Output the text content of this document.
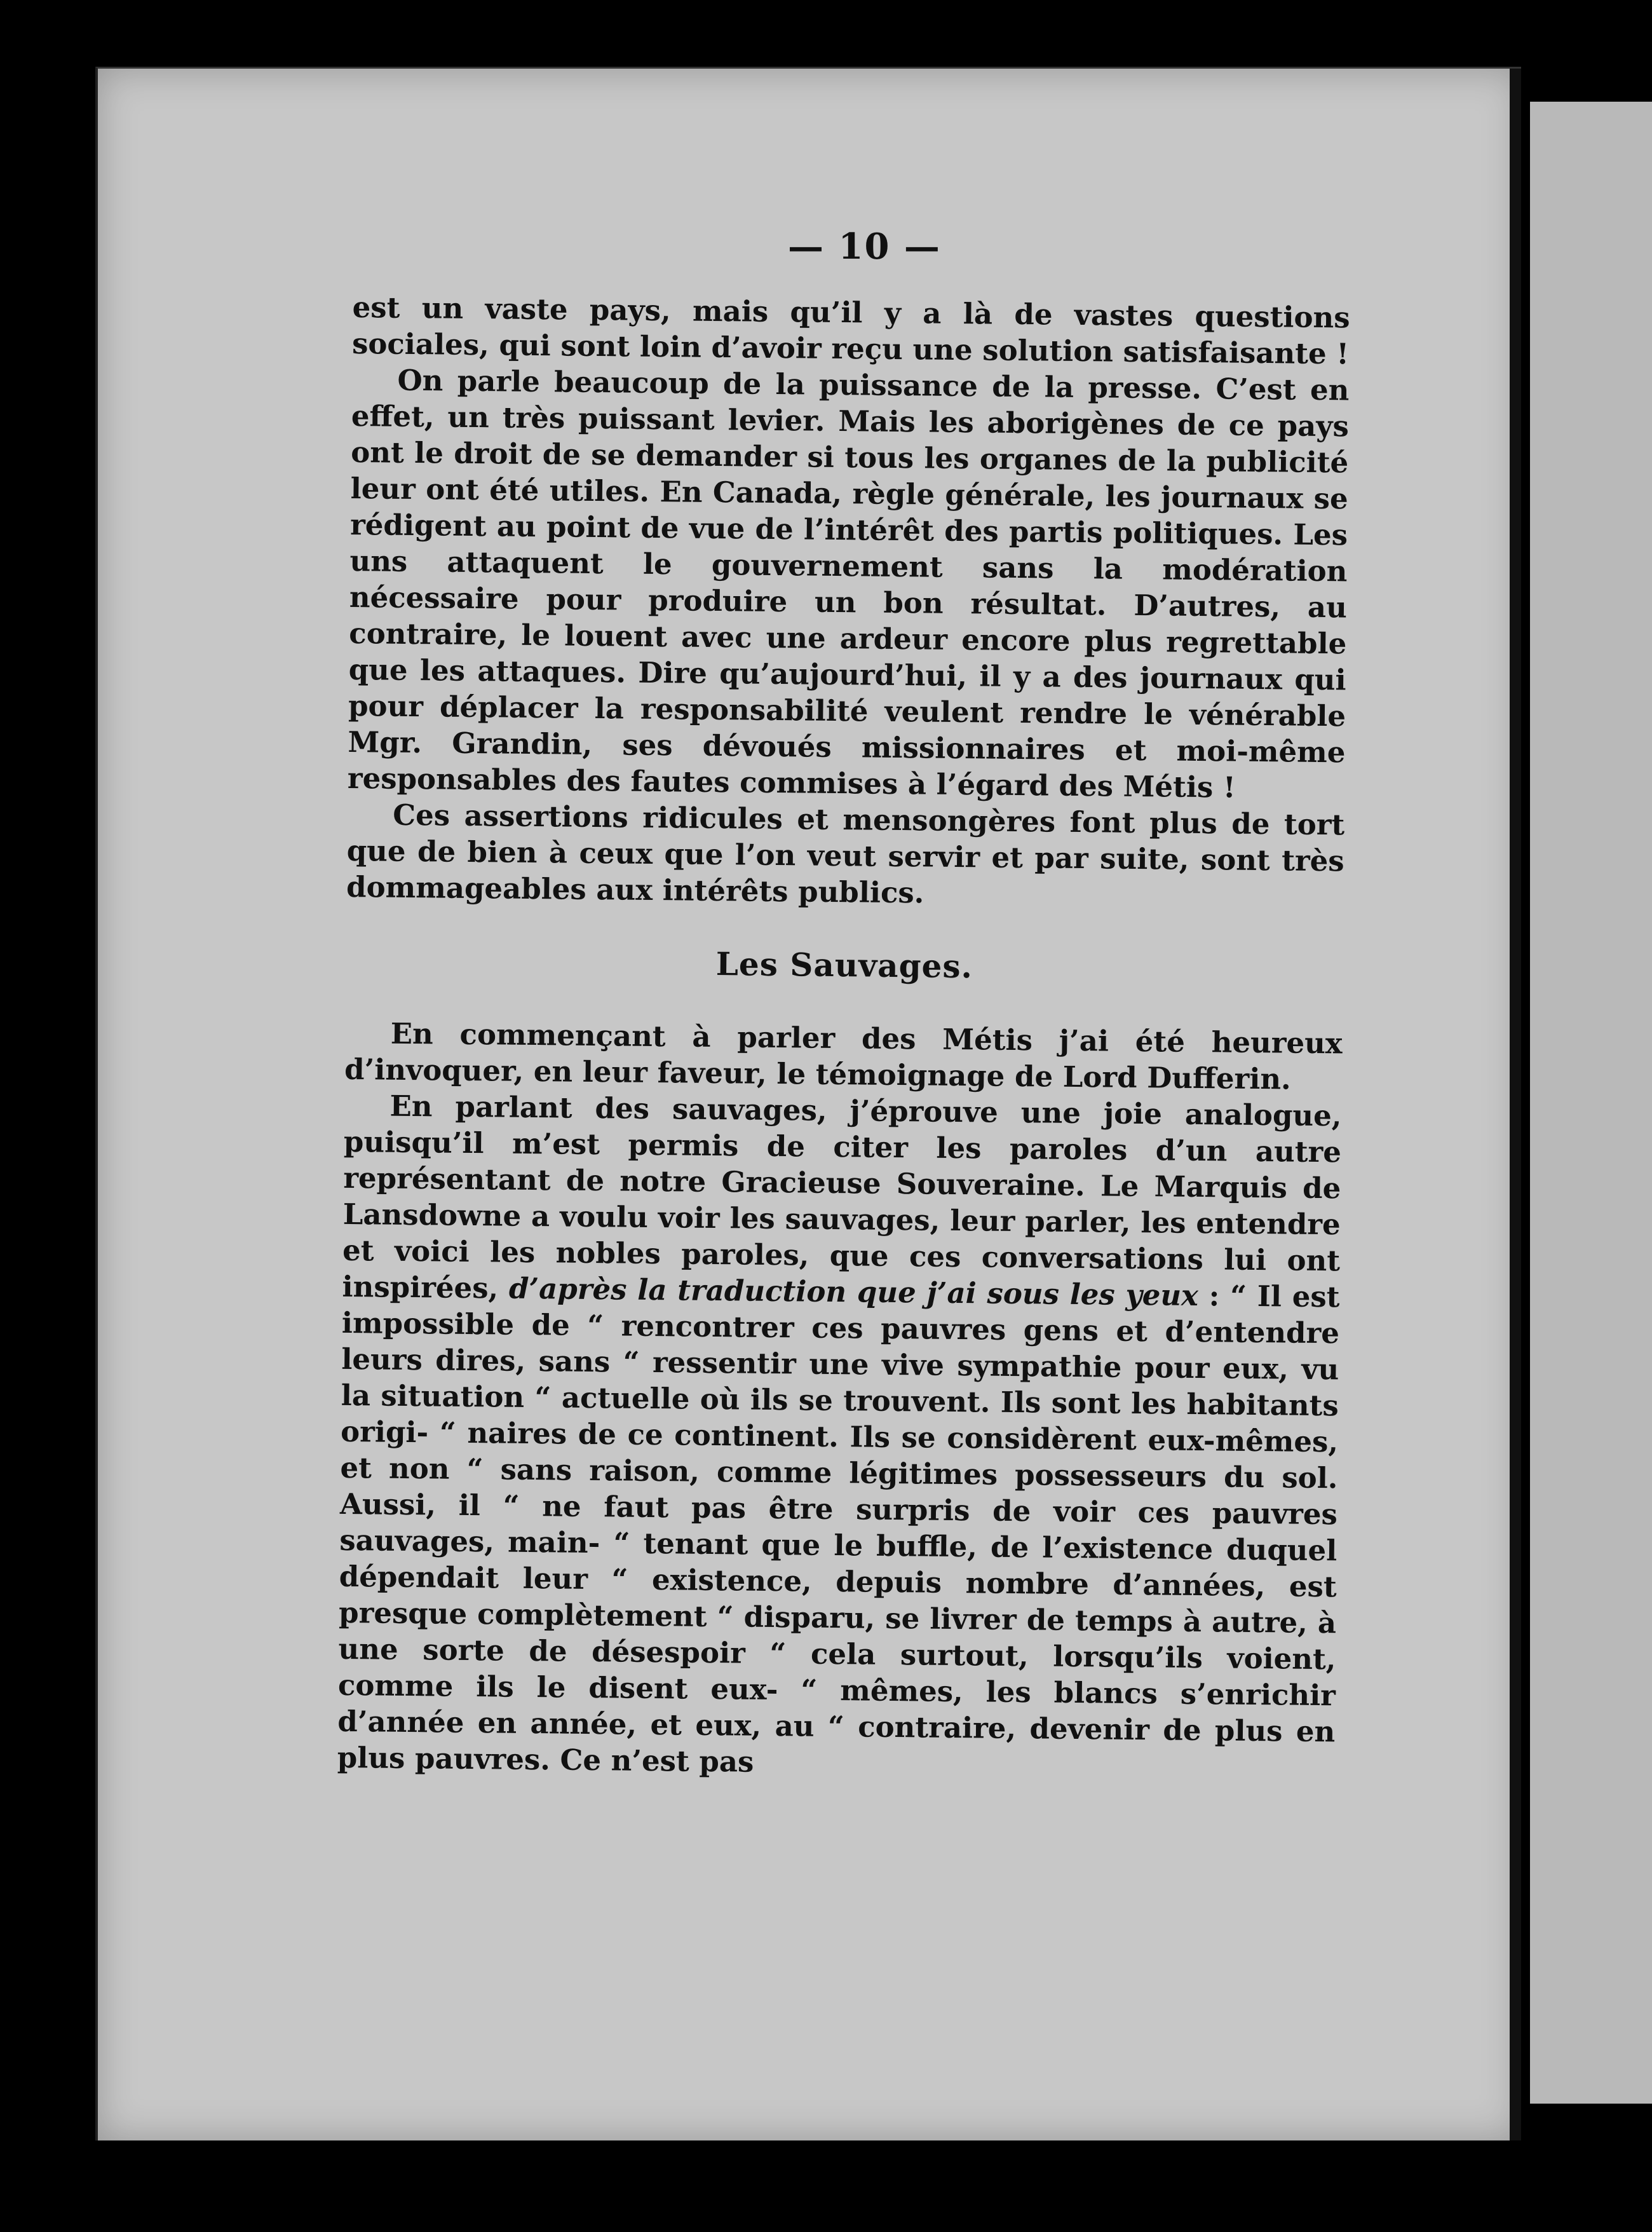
— 10 —

est un vaste pays, mais qu’il y a là de vastes questions sociales, qui sont loin d’avoir reçu une solution satisfaisante !

On parle beaucoup de la puissance de la presse. C’est en effet, un très puissant levier. Mais les aborigènes de ce pays ont le droit de se demander si tous les organes de la publicité leur ont été utiles. En Canada, règle générale, les journaux se rédigent au point de vue de l’intérêt des partis politiques. Les uns attaquent le gouvernement sans la modération nécessaire pour produire un bon résultat. D’autres, au contraire, le louent avec une ardeur encore plus regrettable que les attaques. Dire qu’aujourd’hui, il y a des journaux qui pour déplacer la responsabilité veulent rendre le vénérable Mgr. Grandin, ses dévoués missionnaires et moi-même responsables des fautes commises à l’égard des Métis !

Ces assertions ridicules et mensongères font plus de tort que de bien à ceux que l’on veut servir et par suite, sont très dommageables aux intérêts publics.

Les Sauvages.

En commençant à parler des Métis j’ai été heureux d’invoquer, en leur faveur, le témoignage de Lord Dufferin.

En parlant des sauvages, j’éprouve une joie analogue, puisqu’il m’est permis de citer les paroles d’un autre représentant de notre Gracieuse Souveraine. Le Marquis de Lansdowne a voulu voir les sauvages, leur parler, les entendre et voici les nobles paroles, que ces conversations lui ont inspirées, d’après la traduction que j’ai sous les yeux : “ Il est impossible de “ rencontrer ces pauvres gens et d’entendre leurs dires, sans “ ressentir une vive sympathie pour eux, vu la situation “ actuelle où ils se trouvent. Ils sont les habitants origi- “ naires de ce continent. Ils se considèrent eux-mêmes, et non “ sans raison, comme légitimes possesseurs du sol. Aussi, il “ ne faut pas être surpris de voir ces pauvres sauvages, main- “ tenant que le buffle, de l’existence duquel dépendait leur “ existence, depuis nombre d’années, est presque complètement “ disparu, se livrer de temps à autre, à une sorte de désespoir “ cela surtout, lorsqu’ils voient, comme ils le disent eux- “ mêmes, les blancs s’enrichir d’année en année, et eux, au “ contraire, devenir de plus en plus pauvres. Ce n’est pas
